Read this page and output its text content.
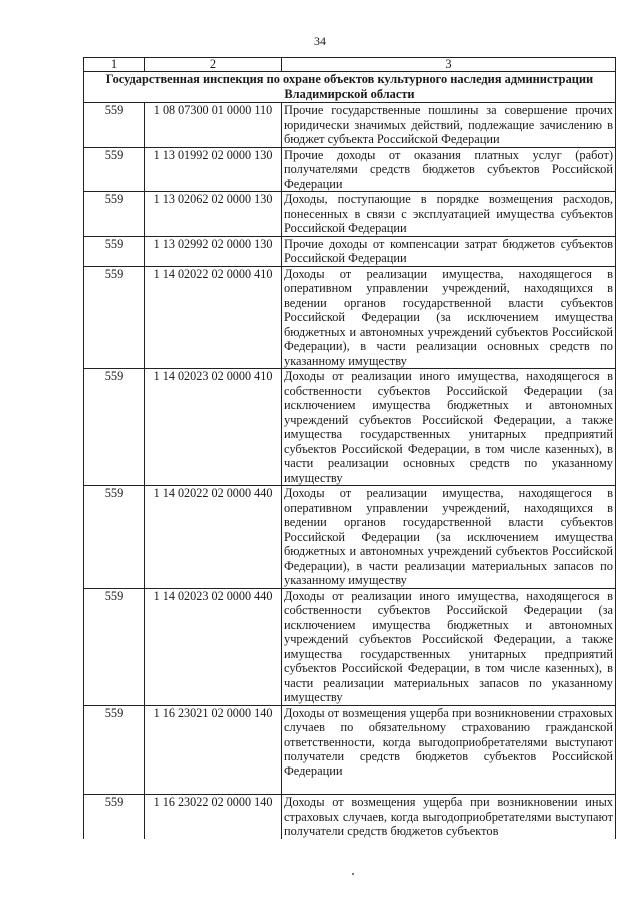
34
1	2	3
Государственная инспекция по охране объектов культурного наследия администрации Владимирской области		
559	1 08 07300 01 0000 110	Прочие государственные пошлины за совершение прочих юридически значимых действий, подлежащие зачислению в бюджет субъекта Российской Федерации
559	1 13 01992 02 0000 130	Прочие доходы от оказания платных услуг (работ) получателями средств бюджетов субъектов Российской Федерации
559	1 13 02062 02 0000 130	Доходы, поступающие в порядке возмещения расходов, понесенных в связи с эксплуатацией имущества субъектов Российской Федерации
559	1 13 02992 02 0000 130	Прочие доходы от компенсации затрат бюджетов субъектов Российской Федерации
559	1 14 02022 02 0000 410	Доходы от реализации имущества, находящегося в оперативном управлении учреждений, находящихся в ведении органов государственной власти субъектов Российской Федерации (за исключением имущества бюджетных и автономных учреждений субъектов Российской Федерации), в части реализации основных средств по указанному имуществу
559	1 14 02023 02 0000 410	Доходы от реализации иного имущества, находящегося в собственности субъектов Российской Федерации (за исключением имущества бюджетных и автономных учреждений субъектов Российской Федерации, а также имущества государственных унитарных предприятий субъектов Российской Федерации, в том числе казенных), в части реализации основных средств по указанному имуществу
559	1 14 02022 02 0000 440	Доходы от реализации имущества, находящегося в оперативном управлении учреждений, находящихся в ведении органов государственной власти субъектов Российской Федерации (за исключением имущества бюджетных и автономных учреждений субъектов Российской Федерации), в части реализации материальных запасов по указанному имуществу
559	1 14 02023 02 0000 440	Доходы от реализации иного имущества, находящегося в собственности субъектов Российской Федерации (за исключением имущества бюджетных и автономных учреждений субъектов Российской Федерации, а также имущества государственных унитарных предприятий субъектов Российской Федерации, в том числе казенных), в части реализации материальных запасов по указанному имуществу
559	1 16 23021 02 0000 140	Доходы от возмещения ущерба при возникновении страховых случаев по обязательному страхованию гражданской ответственности, когда выгодоприобретателями выступают получатели средств бюджетов субъектов Российской Федерации
559	1 16 23022 02 0000 140	Доходы от возмещения ущерба при возникновении иных страховых случаев, когда выгодоприобретателями выступают получатели средств бюджетов субъектов
